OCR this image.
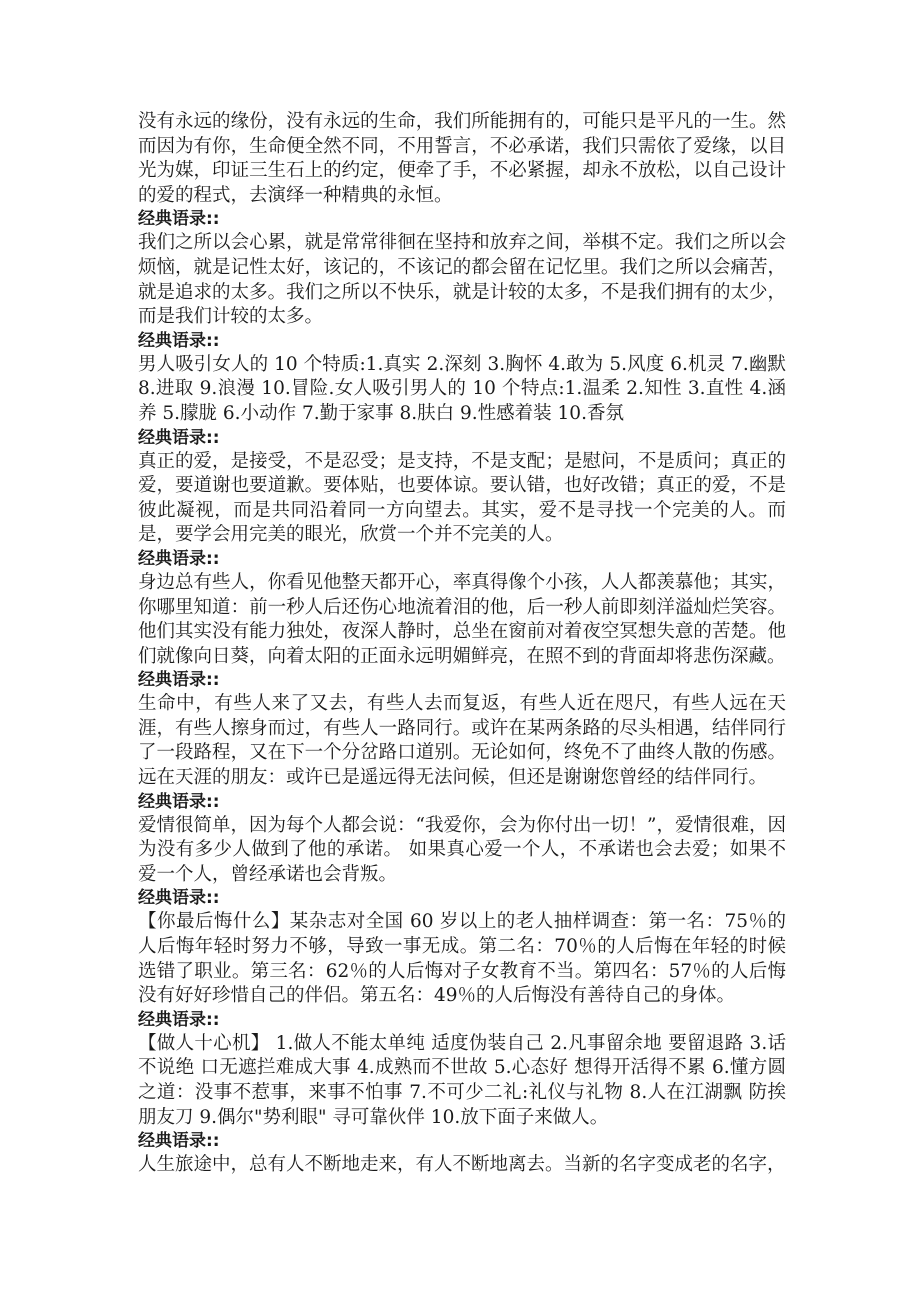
没有永远的缘份，没有永远的生命，我们所能拥有的，可能只是平凡的一生。然而因为有你，生命便全然不同，不用誓言，不必承诺，我们只需依了爱缘，以目光为媒，印证三生石上的约定，便牵了手，不必紧握，却永不放松，以自己设计的爱的程式，去演绎一种精典的永恒。

经典语录::

我们之所以会心累，就是常常徘徊在坚持和放弃之间，举棋不定。我们之所以会烦恼，就是记性太好，该记的，不该记的都会留在记忆里。我们之所以会痛苦，就是追求的太多。我们之所以不快乐，就是计较的太多，不是我们拥有的太少，而是我们计较的太多。

经典语录::

男人吸引女人的 10 个特质:1.真实 2.深刻 3.胸怀 4.敢为 5.风度 6.机灵 7.幽默 8.进取 9.浪漫 10.冒险.女人吸引男人的 10 个特点:1.温柔 2.知性 3.直性 4.涵养 5.朦胧 6.小动作 7.勤于家事 8.肤白 9.性感着装 10.香氛

经典语录::

真正的爱，是接受，不是忍受；是支持，不是支配；是慰问，不是质问；真正的爱，要道谢也要道歉。要体贴，也要体谅。要认错，也好改错；真正的爱，不是彼此凝视，而是共同沿着同一方向望去。其实，爱不是寻找一个完美的人。而是，要学会用完美的眼光，欣赏一个并不完美的人。

经典语录::

身边总有些人，你看见他整天都开心，率真得像个小孩，人人都羡慕他；其实，你哪里知道：前一秒人后还伤心地流着泪的他，后一秒人前即刻洋溢灿烂笑容。他们其实没有能力独处，夜深人静时，总坐在窗前对着夜空冥想失意的苦楚。他们就像向日葵，向着太阳的正面永远明媚鲜亮，在照不到的背面却将悲伤深藏。

经典语录::

生命中，有些人来了又去，有些人去而复返，有些人近在咫尺，有些人远在天涯，有些人擦身而过，有些人一路同行。或许在某两条路的尽头相遇，结伴同行了一段路程，又在下一个分岔路口道别。无论如何，终免不了曲终人散的伤感。远在天涯的朋友：或许已是遥远得无法问候，但还是谢谢您曾经的结伴同行。

经典语录::

爱情很简单，因为每个人都会说：“我爱你，会为你付出一切！”，爱情很难，因为没有多少人做到了他的承诺。 如果真心爱一个人，不承诺也会去爱；如果不爱一个人，曾经承诺也会背叛。

经典语录::

【你最后悔什么】某杂志对全国 60 岁以上的老人抽样调查：第一名：75％的人后悔年轻时努力不够，导致一事无成。第二名：70％的人后悔在年轻的时候选错了职业。第三名：62％的人后悔对子女教育不当。第四名：57％的人后悔没有好好珍惜自己的伴侣。第五名：49％的人后悔没有善待自己的身体。

经典语录::

【做人十心机】 1.做人不能太单纯 适度伪装自己 2.凡事留余地 要留退路 3.话不说绝 口无遮拦难成大事 4.成熟而不世故 5.心态好 想得开活得不累 6.懂方圆之道：没事不惹事，来事不怕事 7.不可少二礼:礼仪与礼物 8.人在江湖飘 防挨朋友刀 9.偶尔"势利眼" 寻可靠伙伴 10.放下面子来做人。

经典语录::

人生旅途中，总有人不断地走来，有人不断地离去。当新的名字变成老的名字，
